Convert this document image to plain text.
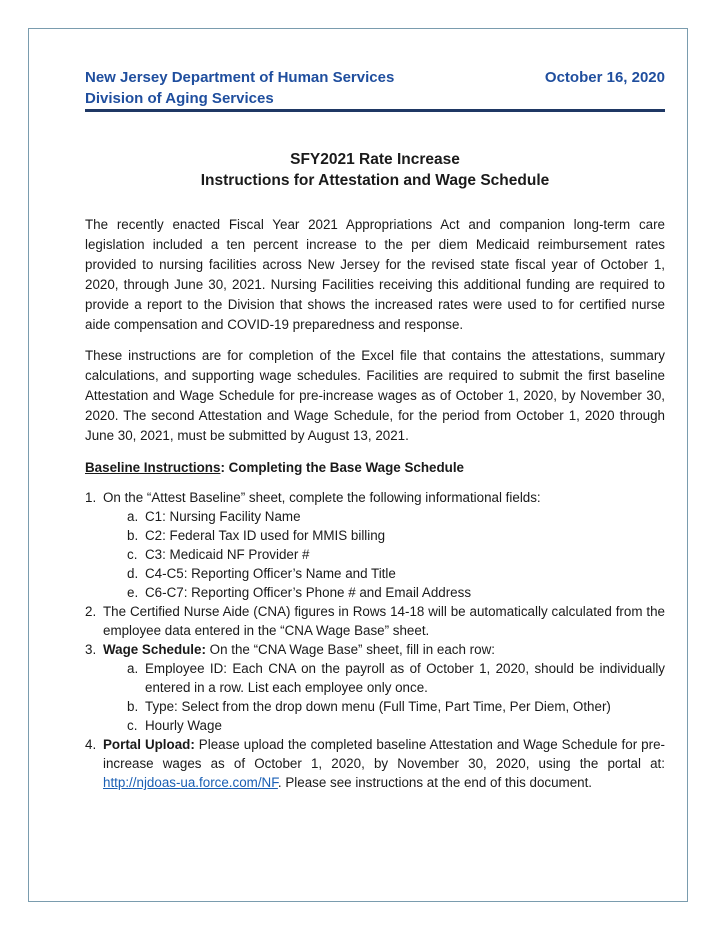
New Jersey Department of Human Services
Division of Aging Services
October 16, 2020
SFY2021 Rate Increase
Instructions for Attestation and Wage Schedule

The recently enacted Fiscal Year 2021 Appropriations Act and companion long-term care legislation included a ten percent increase to the per diem Medicaid reimbursement rates provided to nursing facilities across New Jersey for the revised state fiscal year of October 1, 2020, through June 30, 2021. Nursing Facilities receiving this additional funding are required to provide a report to the Division that shows the increased rates were used to for certified nurse aide compensation and COVID-19 preparedness and response.

These instructions are for completion of the Excel file that contains the attestations, summary calculations, and supporting wage schedules. Facilities are required to submit the first baseline Attestation and Wage Schedule for pre-increase wages as of October 1, 2020, by November 30, 2020. The second Attestation and Wage Schedule, for the period from October 1, 2020 through June 30, 2021, must be submitted by August 13, 2021.

Baseline Instructions: Completing the Base Wage Schedule
1. On the “Attest Baseline” sheet, complete the following informational fields:
a. C1: Nursing Facility Name
b. C2: Federal Tax ID used for MMIS billing
c. C3: Medicaid NF Provider #
d. C4-C5: Reporting Officer’s Name and Title
e. C6-C7: Reporting Officer’s Phone # and Email Address
2. The Certified Nurse Aide (CNA) figures in Rows 14-18 will be automatically calculated from the employee data entered in the “CNA Wage Base” sheet.
3. Wage Schedule: On the “CNA Wage Base” sheet, fill in each row:
a. Employee ID: Each CNA on the payroll as of October 1, 2020, should be individually entered in a row. List each employee only once.
b. Type: Select from the drop down menu (Full Time, Part Time, Per Diem, Other)
c. Hourly Wage
4. Portal Upload: Please upload the completed baseline Attestation and Wage Schedule for pre-increase wages as of October 1, 2020, by November 30, 2020, using the portal at: http://njdoas-ua.force.com/NF. Please see instructions at the end of this document.
